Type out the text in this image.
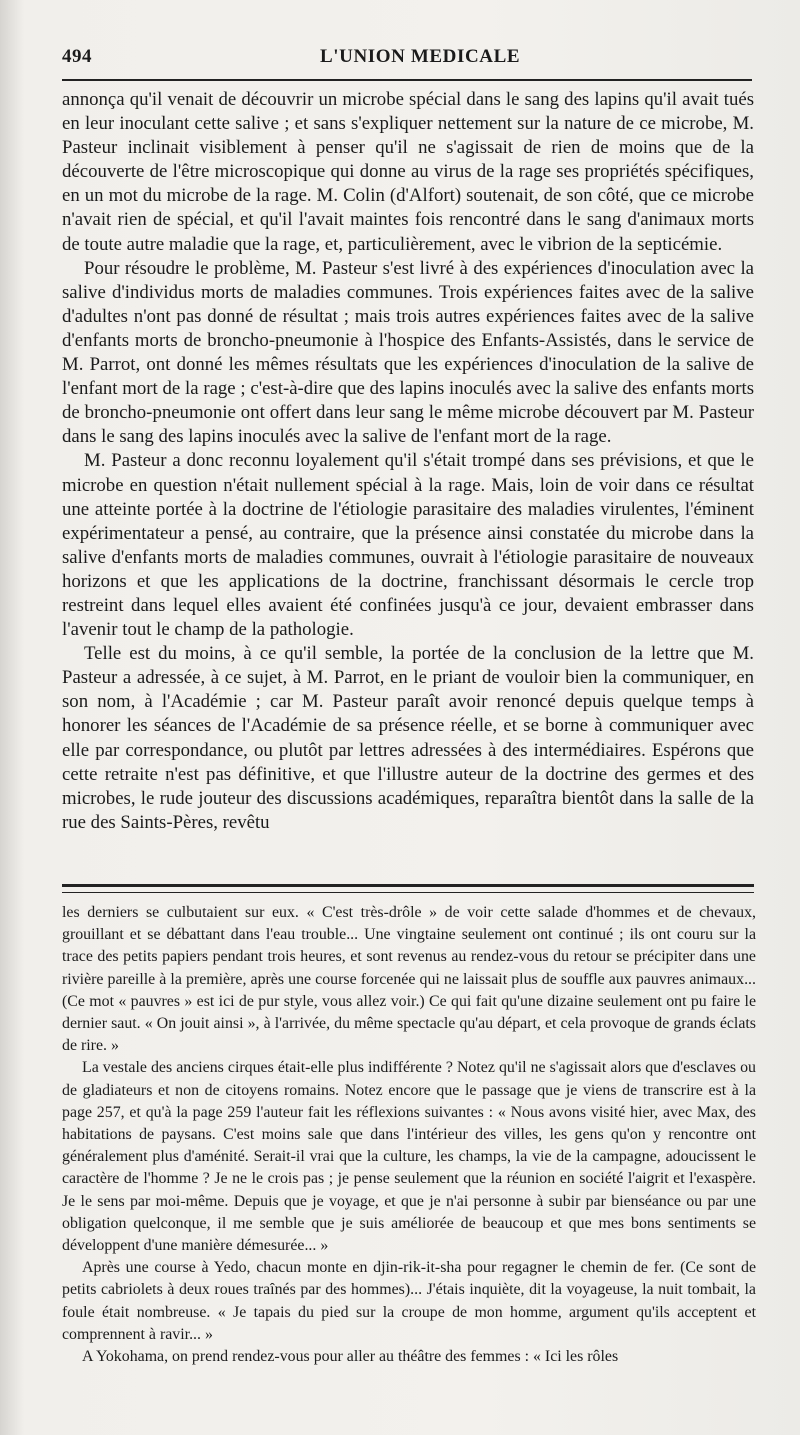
494	L'UNION MEDICALE

annonça qu'il venait de découvrir un microbe spécial dans le sang des lapins qu'il avait tués en leur inoculant cette salive ; et sans s'expliquer nettement sur la nature de ce microbe, M. Pasteur inclinait visiblement à penser qu'il ne s'agissait de rien de moins que de la découverte de l'être microscopique qui donne au virus de la rage ses propriétés spécifiques, en un mot du microbe de la rage. M. Colin (d'Alfort) soutenait, de son côté, que ce microbe n'avait rien de spécial, et qu'il l'avait maintes fois rencontré dans le sang d'animaux morts de toute autre maladie que la rage, et, particulièrement, avec le vibrion de la septicémie.

Pour résoudre le problème, M. Pasteur s'est livré à des expériences d'inoculation avec la salive d'individus morts de maladies communes. Trois expériences faites avec de la salive d'adultes n'ont pas donné de résultat ; mais trois autres expériences faites avec de la salive d'enfants morts de broncho-pneumonie à l'hospice des Enfants-Assistés, dans le service de M. Parrot, ont donné les mêmes résultats que les expériences d'inoculation de la salive de l'enfant mort de la rage ; c'est-à-dire que des lapins inoculés avec la salive des enfants morts de broncho-pneumonie ont offert dans leur sang le même microbe découvert par M. Pasteur dans le sang des lapins inoculés avec la salive de l'enfant mort de la rage.

M. Pasteur a donc reconnu loyalement qu'il s'était trompé dans ses prévisions, et que le microbe en question n'était nullement spécial à la rage. Mais, loin de voir dans ce résultat une atteinte portée à la doctrine de l'étiologie parasitaire des maladies virulentes, l'éminent expérimentateur a pensé, au contraire, que la présence ainsi constatée du microbe dans la salive d'enfants morts de maladies communes, ouvrait à l'étiologie parasitaire de nouveaux horizons et que les applications de la doctrine, franchissant désormais le cercle trop restreint dans lequel elles avaient été confinées jusqu'à ce jour, devaient embrasser dans l'avenir tout le champ de la pathologie.

Telle est du moins, à ce qu'il semble, la portée de la conclusion de la lettre que M. Pasteur a adressée, à ce sujet, à M. Parrot, en le priant de vouloir bien la communiquer, en son nom, à l'Académie ; car M. Pasteur paraît avoir renoncé depuis quelque temps à honorer les séances de l'Académie de sa présence réelle, et se borne à communiquer avec elle par correspondance, ou plutôt par lettres adressées à des intermédiaires. Espérons que cette retraite n'est pas définitive, et que l'illustre auteur de la doctrine des germes et des microbes, le rude jouteur des discussions académiques, reparaîtra bientôt dans la salle de la rue des Saints-Pères, revêtu

les derniers se culbutaient sur eux. « C'est très-drôle » de voir cette salade d'hommes et de chevaux, grouillant et se débattant dans l'eau trouble... Une vingtaine seulement ont continué ; ils ont couru sur la trace des petits papiers pendant trois heures, et sont revenus au rendez-vous du retour se précipiter dans une rivière pareille à la première, après une course forcenée qui ne laissait plus de souffle aux pauvres animaux... (Ce mot « pauvres » est ici de pur style, vous allez voir.) Ce qui fait qu'une dizaine seulement ont pu faire le dernier saut. « On jouit ainsi », à l'arrivée, du même spectacle qu'au départ, et cela provoque de grands éclats de rire. »

La vestale des anciens cirques était-elle plus indifférente ? Notez qu'il ne s'agissait alors que d'esclaves ou de gladiateurs et non de citoyens romains. Notez encore que le passage que je viens de transcrire est à la page 257, et qu'à la page 259 l'auteur fait les réflexions suivantes : « Nous avons visité hier, avec Max, des habitations de paysans. C'est moins sale que dans l'intérieur des villes, les gens qu'on y rencontre ont généralement plus d'aménité. Serait-il vrai que la culture, les champs, la vie de la campagne, adoucissent le caractère de l'homme ? Je ne le crois pas ; je pense seulement que la réunion en société l'aigrit et l'exaspère. Je le sens par moi-même. Depuis que je voyage, et que je n'ai personne à subir par bienséance ou par une obligation quelconque, il me semble que je suis améliorée de beaucoup et que mes bons sentiments se développent d'une manière démesurée... »

Après une course à Yedo, chacun monte en djin-rik-it-sha pour regagner le chemin de fer. (Ce sont de petits cabriolets à deux roues traînés par des hommes)... J'étais inquiète, dit la voyageuse, la nuit tombait, la foule était nombreuse. « Je tapais du pied sur la croupe de mon homme, argument qu'ils acceptent et comprennent à ravir... »

A Yokohama, on prend rendez-vous pour aller au théâtre des femmes : « Ici les rôles
